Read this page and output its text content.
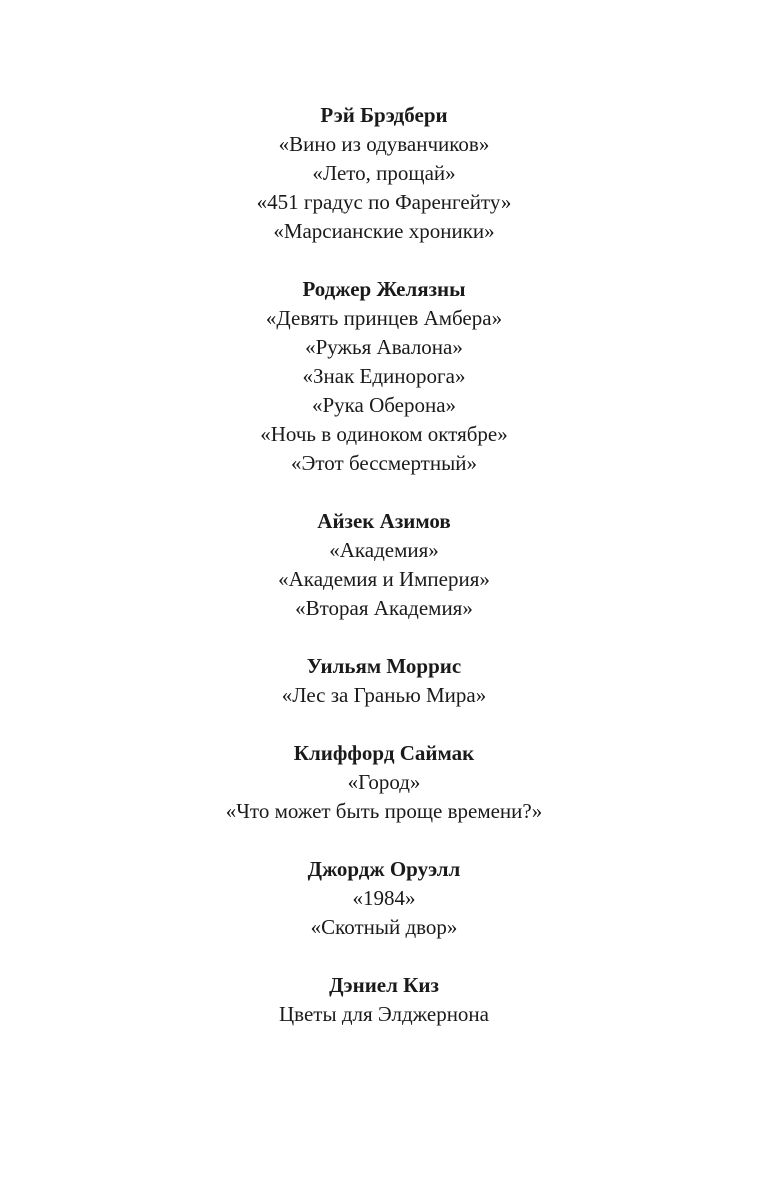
Рэй Брэдбери
«Вино из одуванчиков»
«Лето, прощай»
«451 градус по Фаренгейту»
«Марсианские хроники»
Роджер Желязны
«Девять принцев Амбера»
«Ружья Авалона»
«Знак Единорога»
«Рука Оберона»
«Ночь в одиноком октябре»
«Этот бессмертный»
Айзек Азимов
«Академия»
«Академия и Империя»
«Вторая Академия»
Уильям Моррис
«Лес за Гранью Мира»
Клиффорд Саймак
«Город»
«Что может быть проще времени?»
Джордж Оруэлл
«1984»
«Скотный двор»
Дэниел Киз
Цветы для Элджернона
